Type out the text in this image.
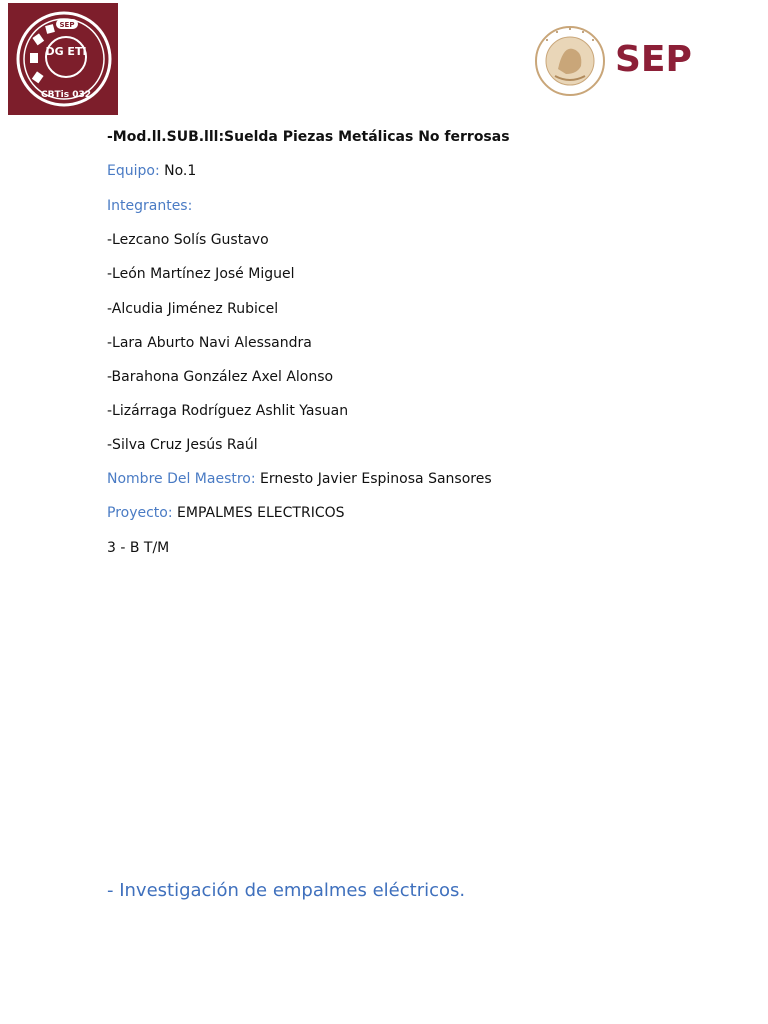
SEP
DG ETI
CBTis 032
SEP
-Mod.ll.SUB.lll:Suelda Piezas Metálicas No ferrosas
Equipo: No.1
Integrantes:
-Lezcano Solís Gustavo
-León Martínez José Miguel
-Alcudia Jiménez Rubicel
-Lara Aburto Navi Alessandra
-Barahona González Axel Alonso
-Lizárraga Rodríguez Ashlit Yasuan
-Silva Cruz Jesús Raúl
Nombre Del Maestro: Ernesto Javier Espinosa Sansores
Proyecto: EMPALMES ELECTRICOS
3 - B T/M
- Investigación de empalmes eléctricos.
